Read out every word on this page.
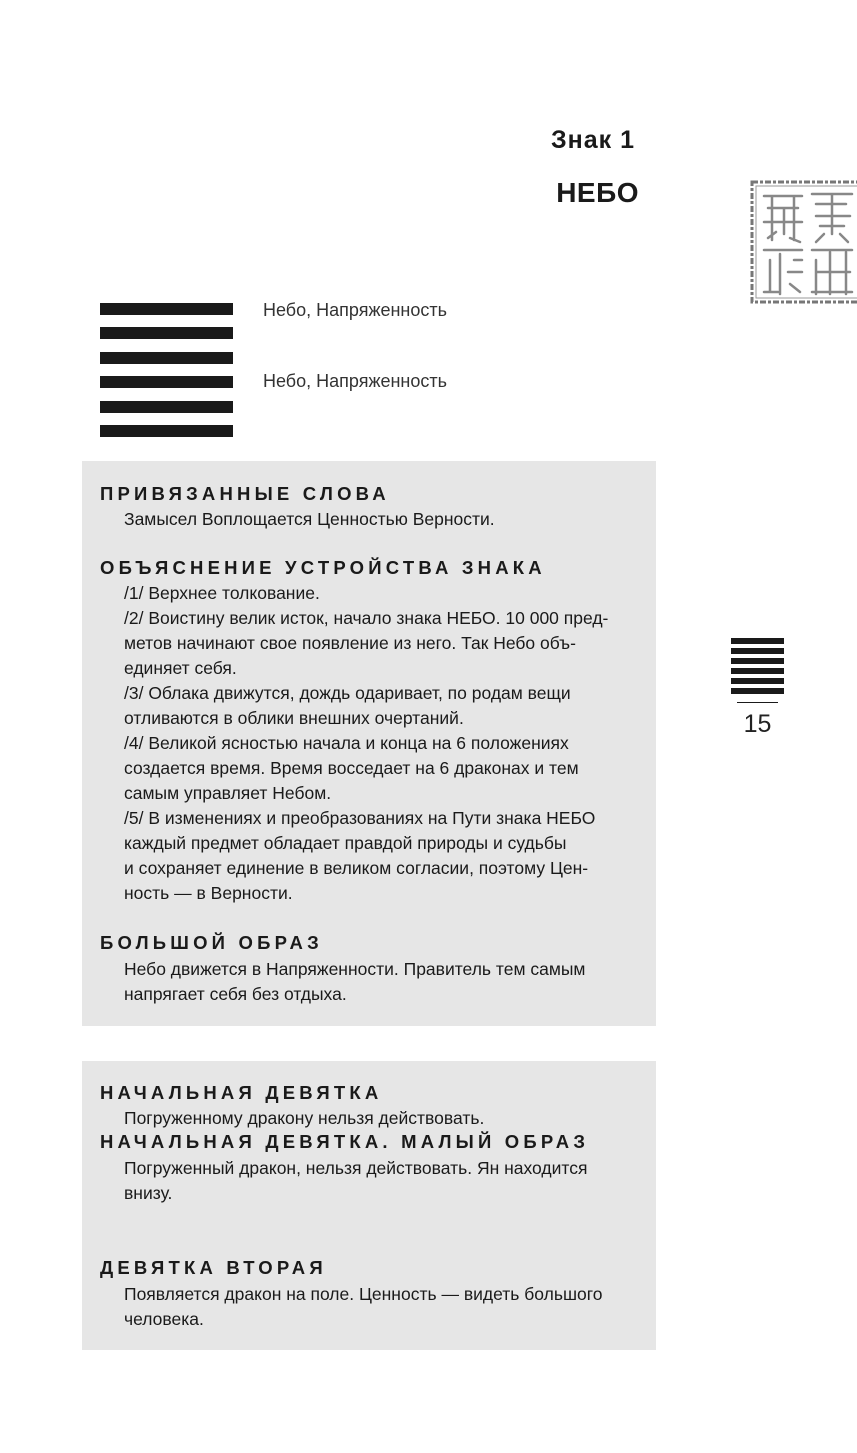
Знак 1
НЕБО
Небо, Напряженность
Небо, Напряженность
ПРИВЯЗАННЫЕ СЛОВА
Замысел Воплощается Ценностью Верности.
ОБЪЯСНЕНИЕ УСТРОЙСТВА ЗНАКА
/1/ Верхнее толкование.
/2/ Воистину велик исток, начало знака НЕБО. 10 000 пред-
метов начинают свое появление из него. Так Небо объ-
единяет себя.
/3/ Облака движутся, дождь одаривает, по родам вещи
отливаются в облики внешних очертаний.
/4/ Великой ясностью начала и конца на 6 положениях
создается время. Время восседает на 6 драконах и тем
самым управляет Небом.
/5/ В изменениях и преобразованиях на Пути знака НЕБО
каждый предмет обладает правдой природы и судьбы
и сохраняет единение в великом согласии, поэтому Цен-
ность — в Верности.
БОЛЬШОЙ ОБРАЗ
Небо движется в Напряженности. Правитель тем самым
напрягает себя без отдыха.
НАЧАЛЬНАЯ ДЕВЯТКА
Погруженному дракону нельзя действовать.
НАЧАЛЬНАЯ ДЕВЯТКА. МАЛЫЙ ОБРАЗ
Погруженный дракон, нельзя действовать. Ян находится
внизу.
ДЕВЯТКА ВТОРАЯ
Появляется дракон на поле. Ценность — видеть большого
человека.
15
